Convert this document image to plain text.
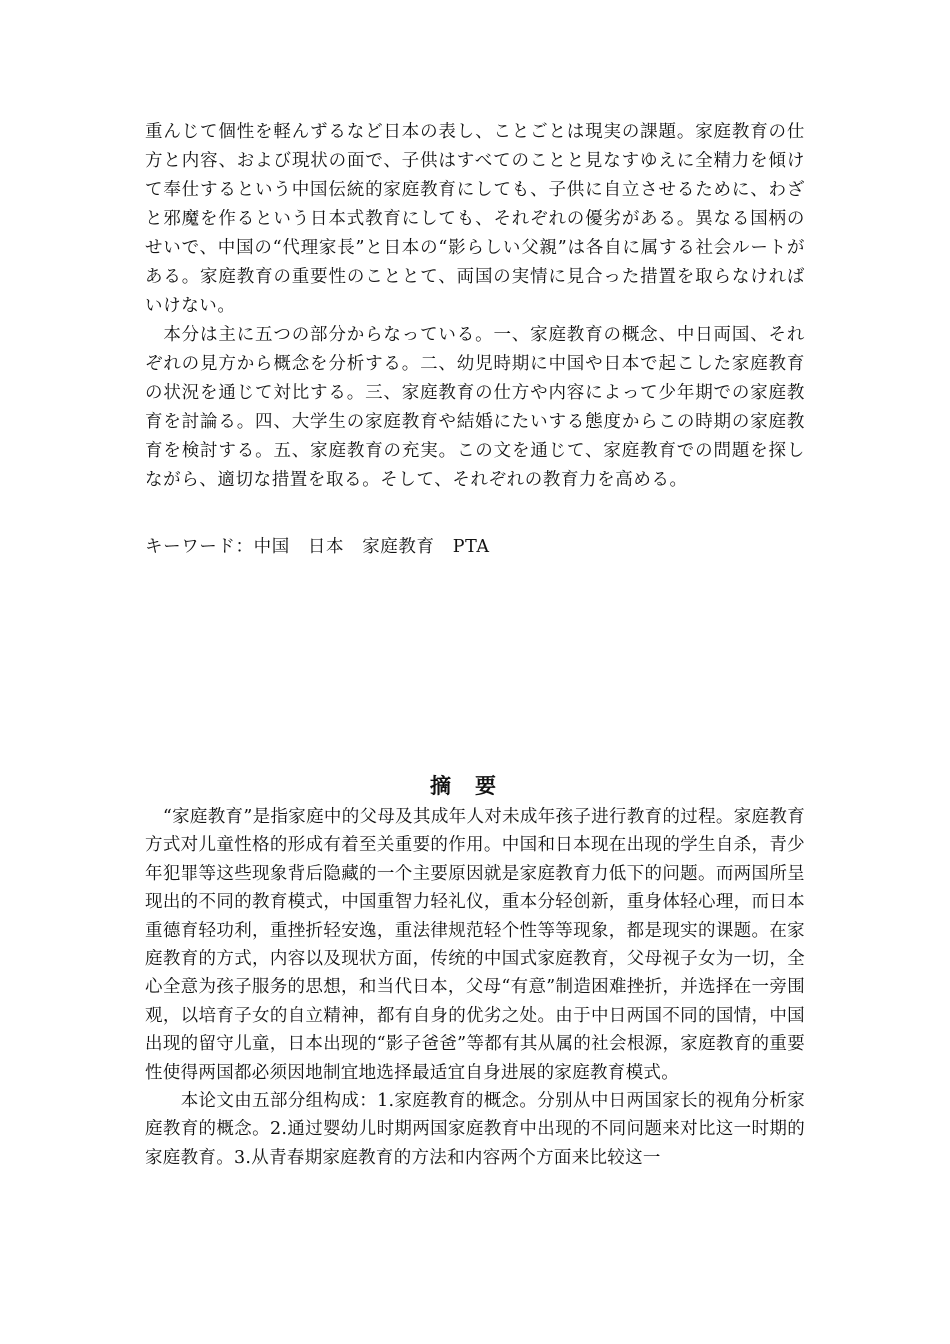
重んじて個性を軽んずるなど日本の表し、ことごとは現実の課題。家庭教育の仕方と内容、および現状の面で、子供はすべてのことと見なすゆえに全精力を傾けて奉仕するという中国伝統的家庭教育にしても、子供に自立させるために、わざと邪魔を作るという日本式教育にしても、それぞれの優劣がある。異なる国柄のせいで、中国の“代理家長”と日本の“影らしい父親”は各自に属する社会ルートがある。家庭教育の重要性のこととて、両国の実情に見合った措置を取らなければいけない。

　本分は主に五つの部分からなっている。一、家庭教育の概念、中日両国、それぞれの見方から概念を分析する。二、幼児時期に中国や日本で起こした家庭教育の状況を通じて対比する。三、家庭教育の仕方や内容によって少年期での家庭教育を討論る。四、大学生の家庭教育や結婚にたいする態度からこの時期の家庭教育を検討する。五、家庭教育の充実。この文を通じて、家庭教育での問題を探しながら、適切な措置を取る。そして、それぞれの教育力を高める。

キーワード：中国　日本　家庭教育　PTA

摘要

　“家庭教育”是指家庭中的父母及其成年人对未成年孩子进行教育的过程。家庭教育方式对儿童性格的形成有着至关重要的作用。中国和日本现在出现的学生自杀，青少年犯罪等这些现象背后隐藏的一个主要原因就是家庭教育力低下的问题。而两国所呈现出的不同的教育模式，中国重智力轻礼仪，重本分轻创新，重身体轻心理，而日本 重德育轻功利，重挫折轻安逸，重法律规范轻个性等等现象，都是现实的课题。在家庭教育的方式，内容以及现状方面，传统的中国式家庭教育，父母视子女为一切，全心全意为孩子服务的思想，和当代日本，父母“有意”制造困难挫折，并选择在一旁围观，以培育子女的自立精神，都有自身的优劣之处。由于中日两国不同的国情，中国出现的留守儿童，日本出现的“影子爸爸”等都有其从属的社会根源，家庭教育的重要性使得两国都必须因地制宜地选择最适宜自身进展的家庭教育模式。

　　本论文由五部分组构成：1.家庭教育的概念。分别从中日两国家长的视角分析家庭教育的概念。2.通过婴幼儿时期两国家庭教育中出现的不同问题来对比这一时期的家庭教育。3.从青春期家庭教育的方法和内容两个方面来比较这一
